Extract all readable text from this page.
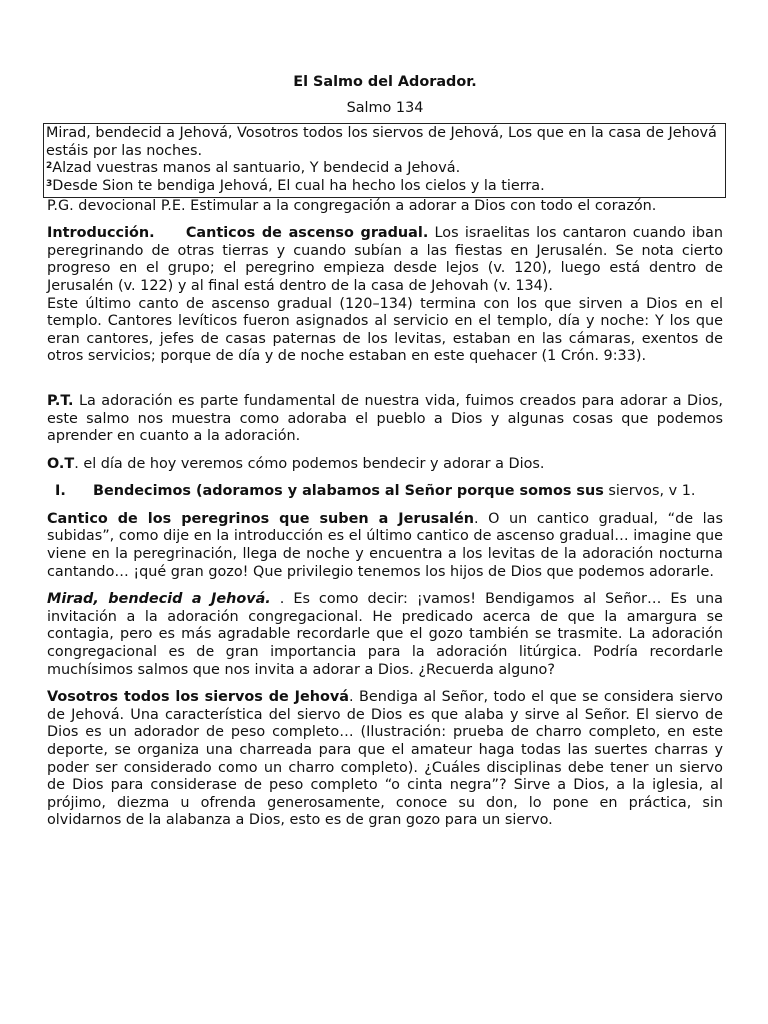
El Salmo del Adorador.

Salmo 134

Mirad, bendecid a Jehová, Vosotros todos los siervos de Jehová, Los que en la casa de Jehová estáis por las noches.

$^2$Alzad vuestras manos al santuario, Y bendecid a Jehová.

$^3$Desde Sion te bendiga Jehová, El cual ha hecho los cielos y la tierra.

P.G. devocional P.E. Estimular a la congregación a adorar a Dios con todo el corazón.

Introducción. Canticos de ascenso gradual. Los israelitas los cantaron cuando iban peregrinando de otras tierras y cuando subían a las fiestas en Jerusalén. Se nota cierto progreso en el grupo; el peregrino empieza desde lejos (v. 120), luego está dentro de Jerusalén (v. 122) y al final está dentro de la casa de Jehovah (v. 134).

Este último canto de ascenso gradual (120–134) termina con los que sirven a Dios en el templo. Cantores levíticos fueron asignados al servicio en el templo, día y noche: Y los que eran cantores, jefes de casas paternas de los levitas, estaban en las cámaras, exentos de otros servicios; porque de día y de noche estaban en este quehacer (1 Crón. 9:33).

P.T. La adoración es parte fundamental de nuestra vida, fuimos creados para adorar a Dios, este salmo nos muestra como adoraba el pueblo a Dios y algunas cosas que podemos aprender en cuanto a la adoración.

O.T. el día de hoy veremos cómo podemos bendecir y adorar a Dios.

I. Bendecimos (adoramos y alabamos al Señor porque somos sus siervos, v 1.

Cantico de los peregrinos que suben a Jerusalén. O un cantico gradual, “de las subidas”, como dije en la introducción es el último cantico de ascenso gradual… imagine que viene en la peregrinación, llega de noche y encuentra a los levitas de la adoración nocturna cantando… ¡qué gran gozo! Que privilegio tenemos los hijos de Dios que podemos adorarle.

Mirad, bendecid a Jehová. . Es como decir: ¡vamos! Bendigamos al Señor… Es una invitación a la adoración congregacional. He predicado acerca de que la amargura se contagia, pero es más agradable recordarle que el gozo también se trasmite. La adoración congregacional es de gran importancia para la adoración litúrgica. Podría recordarle muchísimos salmos que nos invita a adorar a Dios. ¿Recuerda alguno?

Vosotros todos los siervos de Jehová. Bendiga al Señor, todo el que se considera siervo de Jehová. Una característica del siervo de Dios es que alaba y sirve al Señor. El siervo de Dios es un adorador de peso completo… (Ilustración: prueba de charro completo, en este deporte, se organiza una charreada para que el amateur haga todas las suertes charras y poder ser considerado como un charro completo). ¿Cuáles disciplinas debe tener un siervo de Dios para considerase de peso completo “o cinta negra”? Sirve a Dios, a la iglesia, al prójimo, diezma u ofrenda generosamente, conoce su don, lo pone en práctica, sin olvidarnos de la alabanza a Dios, esto es de gran gozo para un siervo.
